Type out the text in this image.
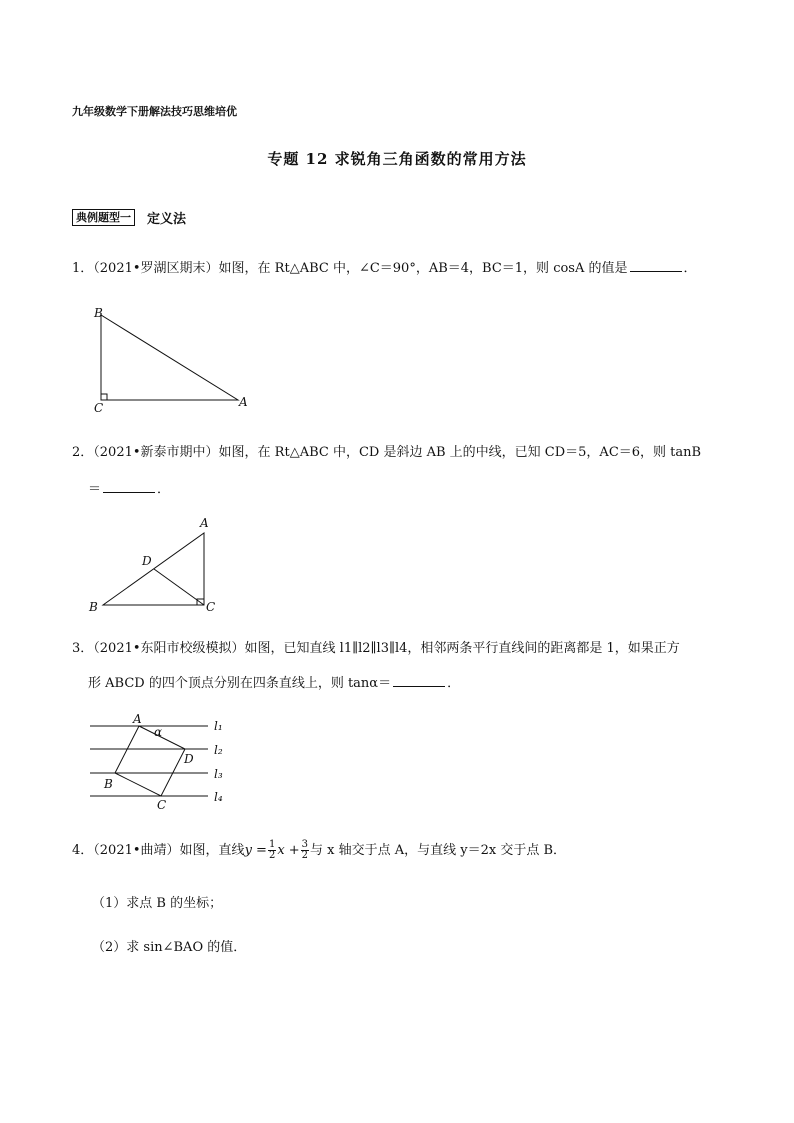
九年级数学下册解法技巧思维培优
专题 12 求锐角三角函数的常用方法
典例题型一	定义法
1．（2021•罗湖区期末）如图，在 Rt△ABC 中，∠C＝90°，AB＝4，BC＝1，则 cosA 的值是	．
B
C	A
2．（2021•新泰市期中）如图，在 Rt△ABC 中，CD 是斜边 AB 上的中线，已知 CD＝5，AC＝6，则 tanB
＝	．
A
D
B	C
3．（2021•东阳市校级模拟）如图，已知直线 l1∥l2∥l3∥l4，相邻两条平行直线间的距离都是 1，如果正方
形 ABCD 的四个顶点分别在四条直线上，则 tanα＝	．
A
α
D
B
C
l₁
l₂
l₃
l₄
4．（2021•曲靖）如图，直线$y = \frac{1}{2}$ $x + \frac{3}{2}$ 与 x 轴交于点 A，与直线 y＝2x 交于点 B．
（1）求点 B 的坐标；
（2）求 sin∠BAO 的值．
